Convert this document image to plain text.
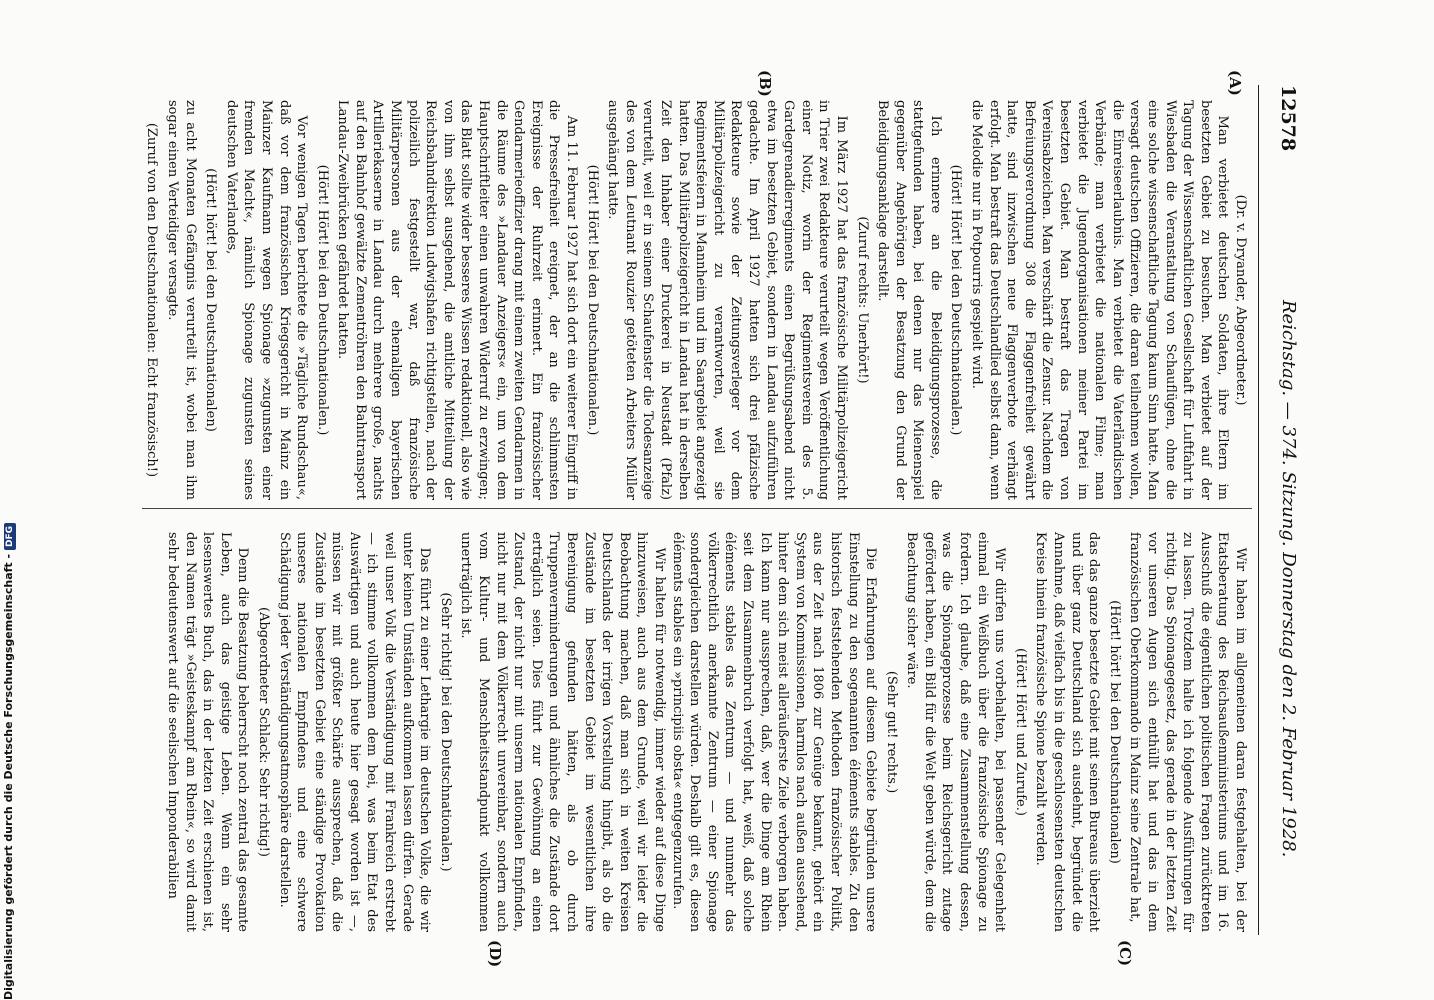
12578
Reichstag. — 374. Sitzung. Donnerstag den 2. Februar 1928.
(A)
(B)
(C)
(D)

(Dr. v. Dryander, Abgeordneter.)

Man verbietet deutschen Soldaten, ihre Eltern im besetzten Gebiet zu besuchen. Man verbietet auf der Tagung der Wissenschaftlichen Gesellschaft für Luftfahrt in Wiesbaden die Veranstaltung von Schauflügen, ohne die eine solche wissenschaftliche Tagung kaum Sinn hatte. Man versagt deutschen Offizieren, die daran teilnehmen wollen, die Einreiseerlaubnis. Man verbietet die Vaterländischen Verbände; man verbietet die nationalen Filme; man verbietet die Jugendorganisationen meiner Partei im besetzten Gebiet. Man bestraft das Tragen von Vereinsabzeichen. Man verschärft die Zensur. Nachdem die Befreiungsverordnung 308 die Flaggenfreiheit gewährt hatte, sind inzwischen neue Flaggenverbote verhängt erfolgt. Man bestraft das Deutschlandlied selbst dann, wenn die Melodie nur in Potpourris gespielt wird.

(Hört! Hört! bei den Deutschnationalen.)

Ich erinnere an die Beleidigungsprozesse, die stattgefunden haben, bei denen nur das Mienenspiel gegenüber Angehörigen der Besatzung den Grund der Beleidigungsanklage darstellt.

(Zuruf rechts: Unerhört!)

Im März 1927 hat das französische Militärpolizeigericht in Trier zwei Redakteure verurteilt wegen Veröffentlichung einer Notiz, worin der Regimentsverein des 5. Gardegrenadierregiments einen Begrüßungsabend nicht etwa im besetzten Gebiet, sondern in Landau aufzuführen gedachte. Im April 1927 hatten sich drei pfälzische Redakteure sowie der Zeitungsverleger vor dem Militärpolizeigericht zu verantworten, weil sie Regimentsfeiern in Mannheim und im Saargebiet angezeigt hatten. Das Militärpolizeigericht in Landau hat in derselben Zeit den Inhaber einer Druckerei in Neustadt (Pfalz) verurteilt, weil er in seinem Schaufenster die Todesanzeige des von dem Leutnant Rouzier getöteten Arbeiters Müller ausgehängt hatte.

(Hört! Hört! bei den Deutschnationalen.)

Am 11. Februar 1927 hat sich dort ein weiterer Eingriff in die Pressefreiheit ereignet, der an die schlimmsten Ereignisse der Ruhrzeit erinnert. Ein französischer Gendarmerieoffizier drang mit einem zweiten Gendarmen in die Räume des »Landauer Anzeigers« ein, um von dem Hauptschriftleiter einen unwahren Widerruf zu erzwingen; das Blatt sollte wider besseres Wissen redaktionell, also wie von ihm selbst ausgehend, die amtliche Mitteilung der Reichsbahndirektion Ludwigshafen richtigstellen, nach der polizeilich festgestellt war, daß französische Militärpersonen aus der ehemaligen bayerischen Artilleriekaserne in Landau durch mehrere große, nachts auf den Bahnhof gewälzte Zementröhren den Bahntransport Landau-Zweibrücken gefährdet hatten.

(Hört! Hört! bei den Deutschnationalen.)

Vor wenigen Tagen berichtete die »Tägliche Rundschau«, daß vor dem französischen Kriegsgericht in Mainz ein Mainzer Kaufmann wegen Spionage »zugunsten einer fremden Macht«, nämlich Spionage zugunsten seines deutschen Vaterlandes,

(Hört! hört! bei den Deutschnationalen)

zu acht Monaten Gefängnis verurteilt ist, wobei man ihm sogar einen Verteidiger versagte.

(Zuruf von den Deutschnationalen: Echt französisch!)

Wir haben im allgemeinen daran festgehalten, bei der Etatsberatung des Reichsaußenministeriums und im 16. Ausschuß die eigentlichen politischen Fragen zurücktreten zu lassen. Trotzdem halte ich folgende Ausführungen für richtig. Das Spionagegesetz, das gerade in der letzten Zeit vor unseren Augen sich enthüllt hat und das in dem französischen Oberkommando in Mainz seine Zentrale hat,

(Hört! hört! bei den Deutschnationalen)

das das ganze besetzte Gebiet mit seinen Bureaus überzieht und über ganz Deutschland sich ausdehnt, begründet die Annahme, daß vielfach bis in die geschlossensten deutschen Kreise hinein französische Spione bezahlt werden.

(Hört! Hört! und Zurufe.)

Wir dürfen uns vorbehalten, bei passender Gelegenheit einmal ein Weißbuch über die französische Spionage zu fordern. Ich glaube, daß eine Zusammenstellung dessen, was die Spionageprozesse beim Reichsgericht zutage gefördert haben, ein Bild für die Welt geben würde, dem die Beachtung sicher wäre.

(Sehr gut! rechts.)

Die Erfahrungen auf diesem Gebiete begründen unsere Einstellung zu den sogenannten éléments stables. Zu den historisch feststehenden Methoden französischer Politik, aus der Zeit nach 1806 zur Genüge bekannt, gehört ein System von Kommissionen, harmlos nach außen aussehend, hinter dem sich meist alleräußerste Ziele verborgen haben. Ich kann nur aussprechen, daß, wer die Dinge am Rhein seit dem Zusammenbruch verfolgt hat, weiß, daß solche éléments stables das Zentrum — und nunmehr das völkerrechtlich anerkannte Zentrum — einer Spionage sondergleichen darstellen würden. Deshalb gilt es, diesen éléments stables ein »principiis obsta« entgegenzurufen.

Wir halten für notwendig, immer wieder auf diese Dinge hinzuweisen, auch aus dem Grunde, weil wir leider die Beobachtung machen, daß man sich in weiten Kreisen Deutschlands der irrigen Vorstellung hingibt, als ob die Zustände im besetzten Gebiet im wesentlichen ihre Bereinigung gefunden hätten, als ob durch Truppenverminderungen und ähnliches die Zustände dort erträglich seien. Dies führt zur Gewöhnung an einen Zustand, der nicht nur mit unserm nationalen Empfinden, nicht nur mit dem Völkerrecht unvereinbar, sondern auch vom Kultur- und Menschheitsstandpunkt vollkommen unerträglich ist.

(Sehr richtig! bei den Deutschnationalen.)

Das führt zu einer Lethargie im deutschen Volke, die wir unter keinen Umständen aufkommen lassen dürfen. Gerade weil unser Volk die Verständigung mit Frankreich erstrebt — ich stimme vollkommen dem bei, was beim Etat des Auswärtigen und auch heute hier gesagt worden ist —, müssen wir mit größter Schärfe aussprechen, daß die Zustände im besetzten Gebiet eine ständige Provokation unseres nationalen Empfindens und eine schwere Schädigung jeder Verständigungsatmosphäre darstellen.

(Abgeordneter Schlack: Sehr richtig!)

Denn die Besatzung beherrscht noch zentral das gesamte Leben, auch das geistige Leben. Wenn ein sehr lesenswertes Buch, das in der letzten Zeit erschienen ist, den Namen trägt »Geisteskampf am Rhein«, so wird damit sehr bedeutenswert auf die seelischen Imponderabilien

Digitalisierung gefördert durch die Deutsche Forschungsgemeinschaft -DFG
